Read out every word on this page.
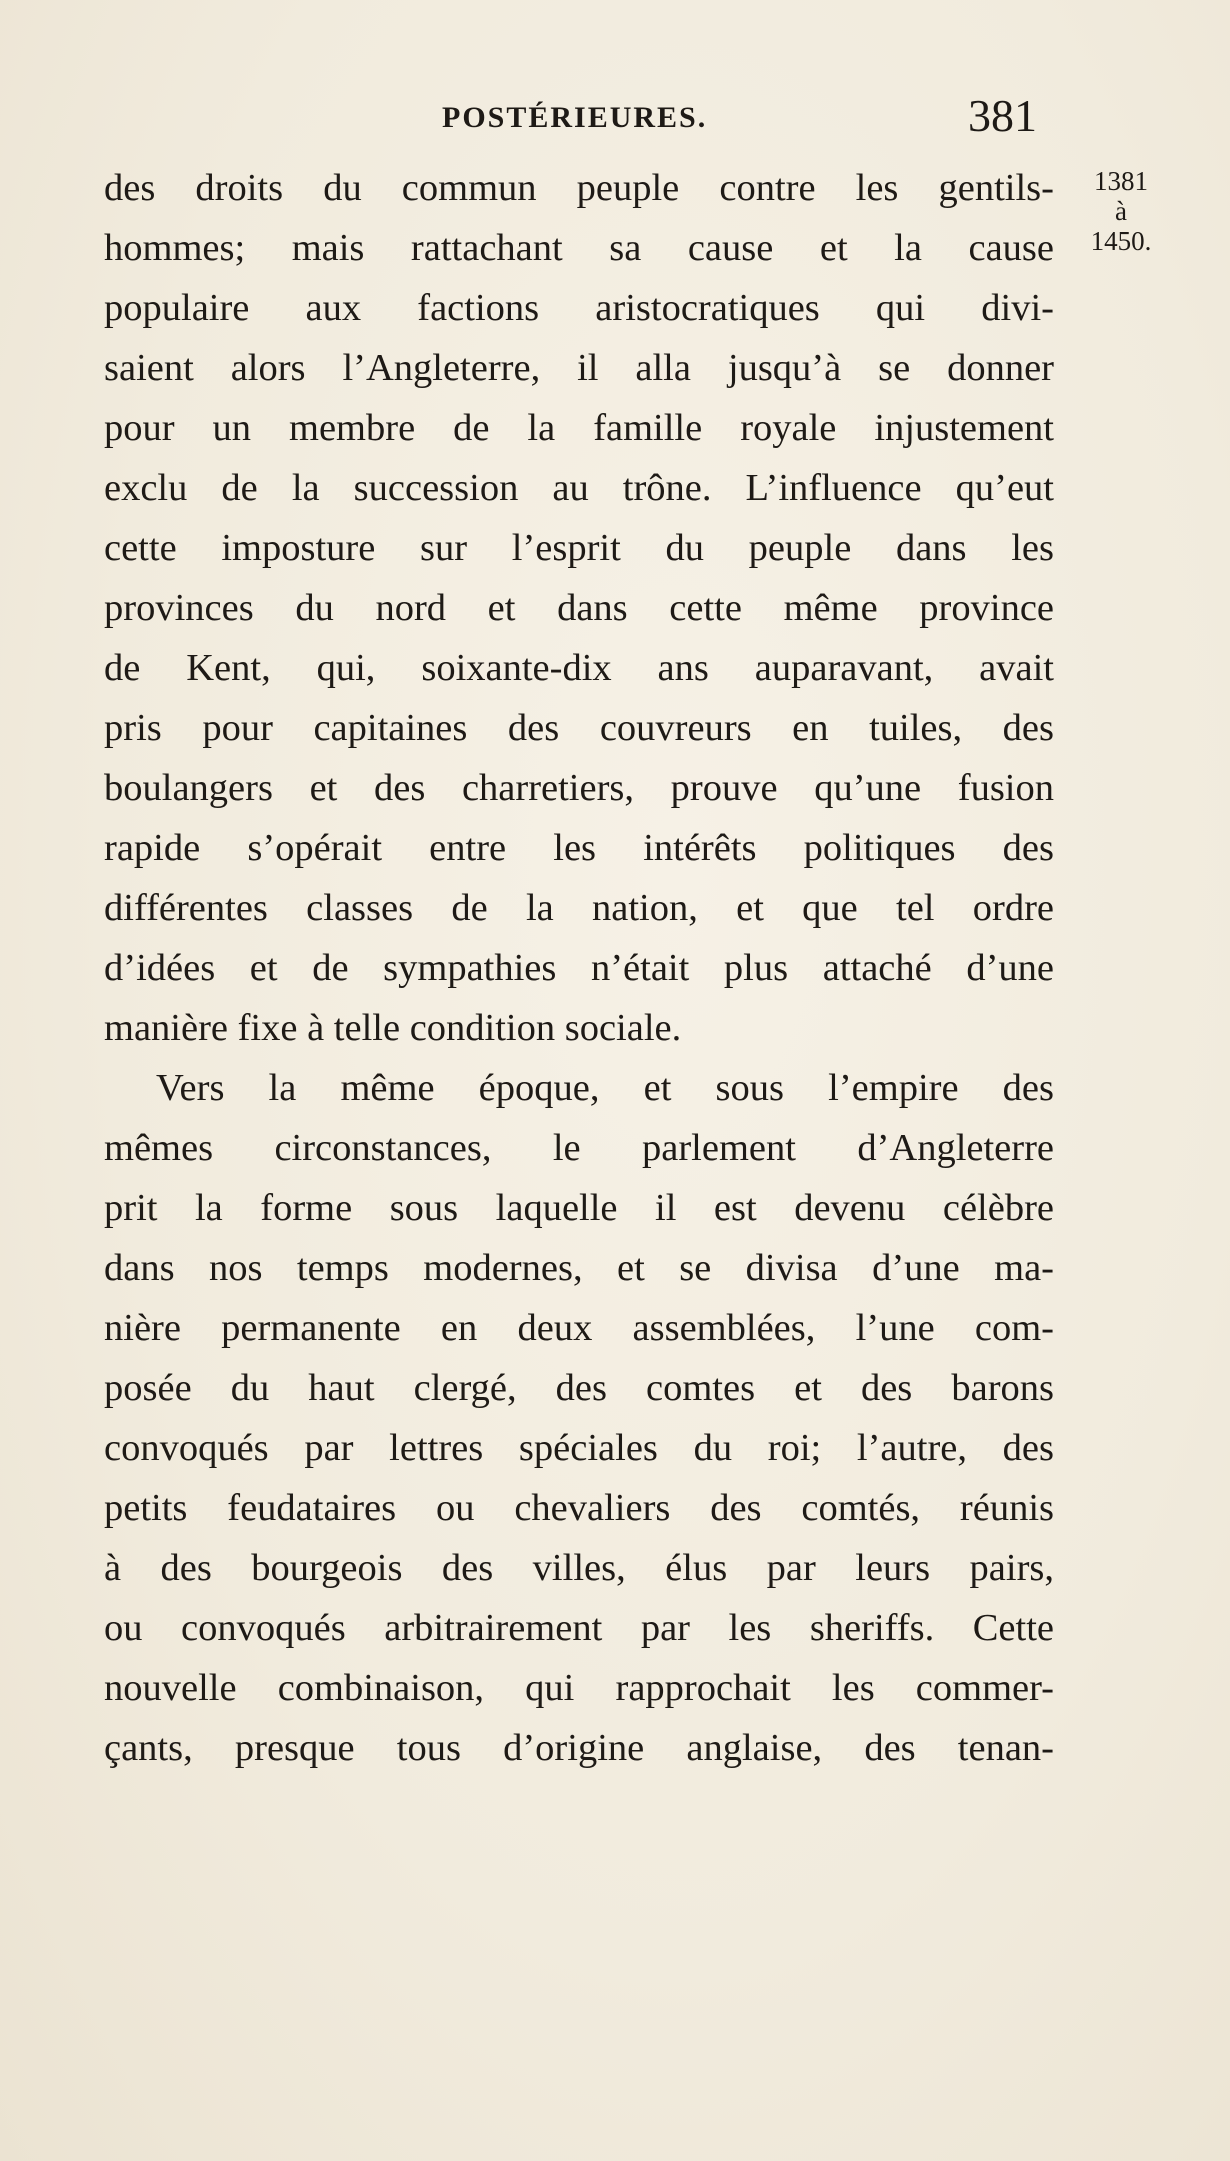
POSTÉRIEURES.	381
1381
à
1450.
des droits du commun peuple contre les gentils-
hommes; mais rattachant sa cause et la cause
populaire aux factions aristocratiques qui divi-
saient alors l’Angleterre, il alla jusqu’à se donner
pour un membre de la famille royale injustement
exclu de la succession au trône. L’influence qu’eut
cette imposture sur l’esprit du peuple dans les
provinces du nord et dans cette même province
de Kent, qui, soixante-dix ans auparavant, avait
pris pour capitaines des couvreurs en tuiles, des
boulangers et des charretiers, prouve qu’une fusion
rapide s’opérait entre les intérêts politiques des
différentes classes de la nation, et que tel ordre
d’idées et de sympathies n’était plus attaché d’une
manière fixe à telle condition sociale.
Vers la même époque, et sous l’empire des
mêmes circonstances, le parlement d’Angleterre
prit la forme sous laquelle il est devenu célèbre
dans nos temps modernes, et se divisa d’une ma-
nière permanente en deux assemblées, l’une com-
posée du haut clergé, des comtes et des barons
convoqués par lettres spéciales du roi; l’autre, des
petits feudataires ou chevaliers des comtés, réunis
à des bourgeois des villes, élus par leurs pairs,
ou convoqués arbitrairement par les sheriffs. Cette
nouvelle combinaison, qui rapprochait les commer-
çants, presque tous d’origine anglaise, des tenan-
